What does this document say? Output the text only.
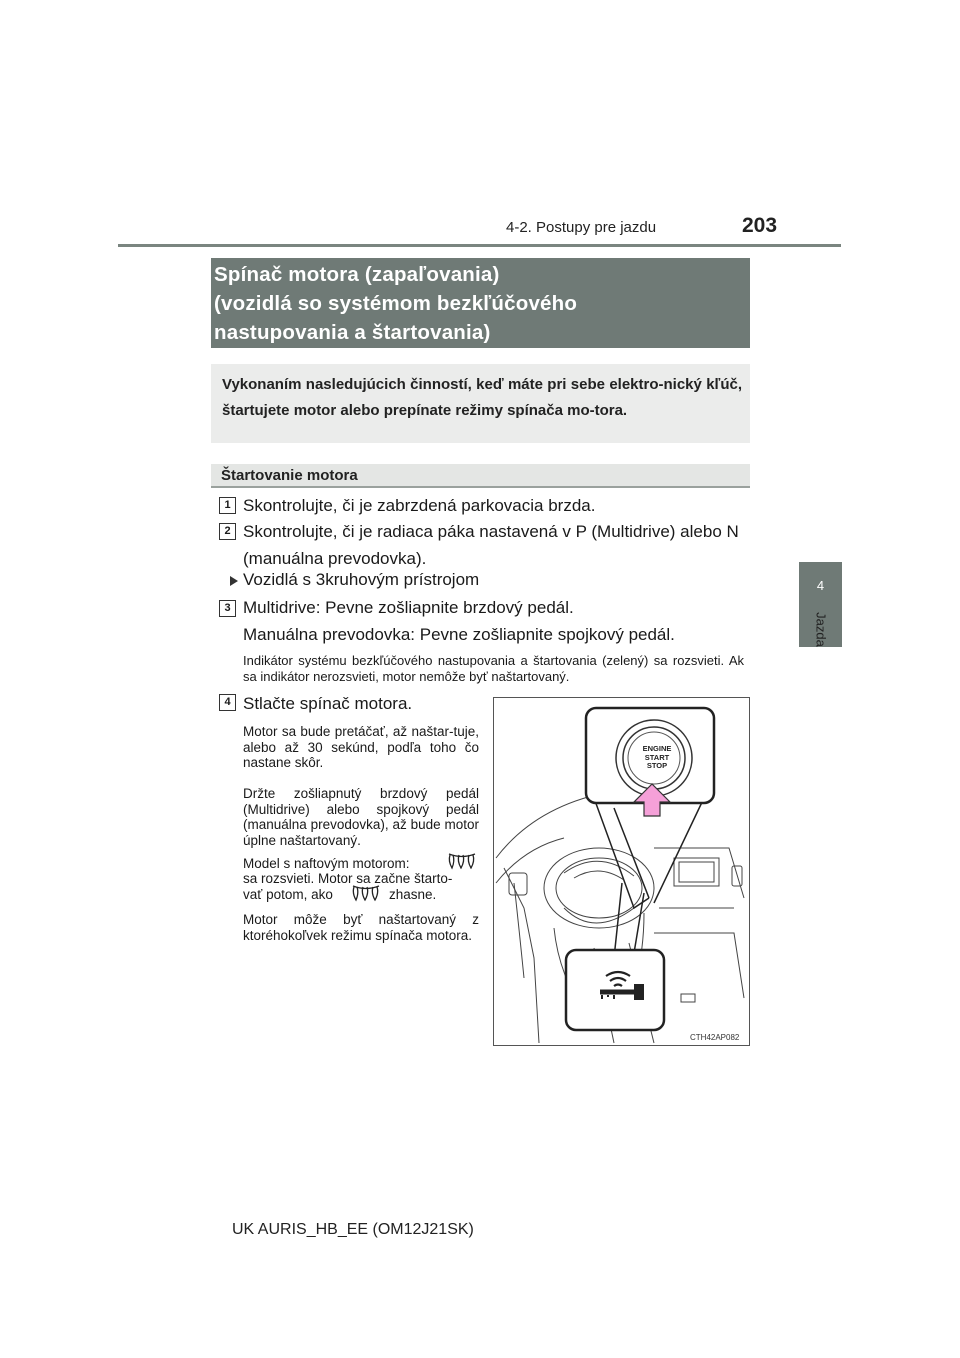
4-2. Postupy pre jazdu	203
4
Jazda
Spínač motora (zapaľovania)
(vozidlá so systémom bezkľúčového
nastupovania a štartovania)
Vykonaním nasledujúcich činností, keď máte pri sebe elektro-nický kľúč, štartujete motor alebo prepínate režimy spínača mo-tora.
Štartovanie motora
1 Skontrolujte, či je zabrzdená parkovacia brzda.
2 Skontrolujte, či je radiaca páka nastavená v P (Multidrive) alebo N
(manuálna prevodovka).
Vozidlá s 3kruhovým prístrojom
3 Multidrive: Pevne zošliapnite brzdový pedál.
Manuálna prevodovka: Pevne zošliapnite spojkový pedál.
Indikátor systému bezkľúčového nastupovania a štartovania (zelený) sa rozsvieti. Ak sa indikátor nerozsvieti, motor nemôže byť naštartovaný.
4 Stlačte spínač motora.
Motor sa bude pretáčať, až naštar-tuje, alebo až 30 sekúnd, podľa toho čo nastane skôr.
Držte zošliapnutý brzdový pedál (Multidrive) alebo spojkový pedál (manuálna prevodovka), až bude motor úplne naštartovaný.
Model s naftovým motorom:
sa rozsvieti. Motor sa začne štarto-
vať potom, ako	zhasne.
Motor môže byť naštartovaný z ktoréhokoľvek režimu spínača motora.
ENGINE
START
STOP
CTH42AP082
UK AURIS_HB_EE (OM12J21SK)
